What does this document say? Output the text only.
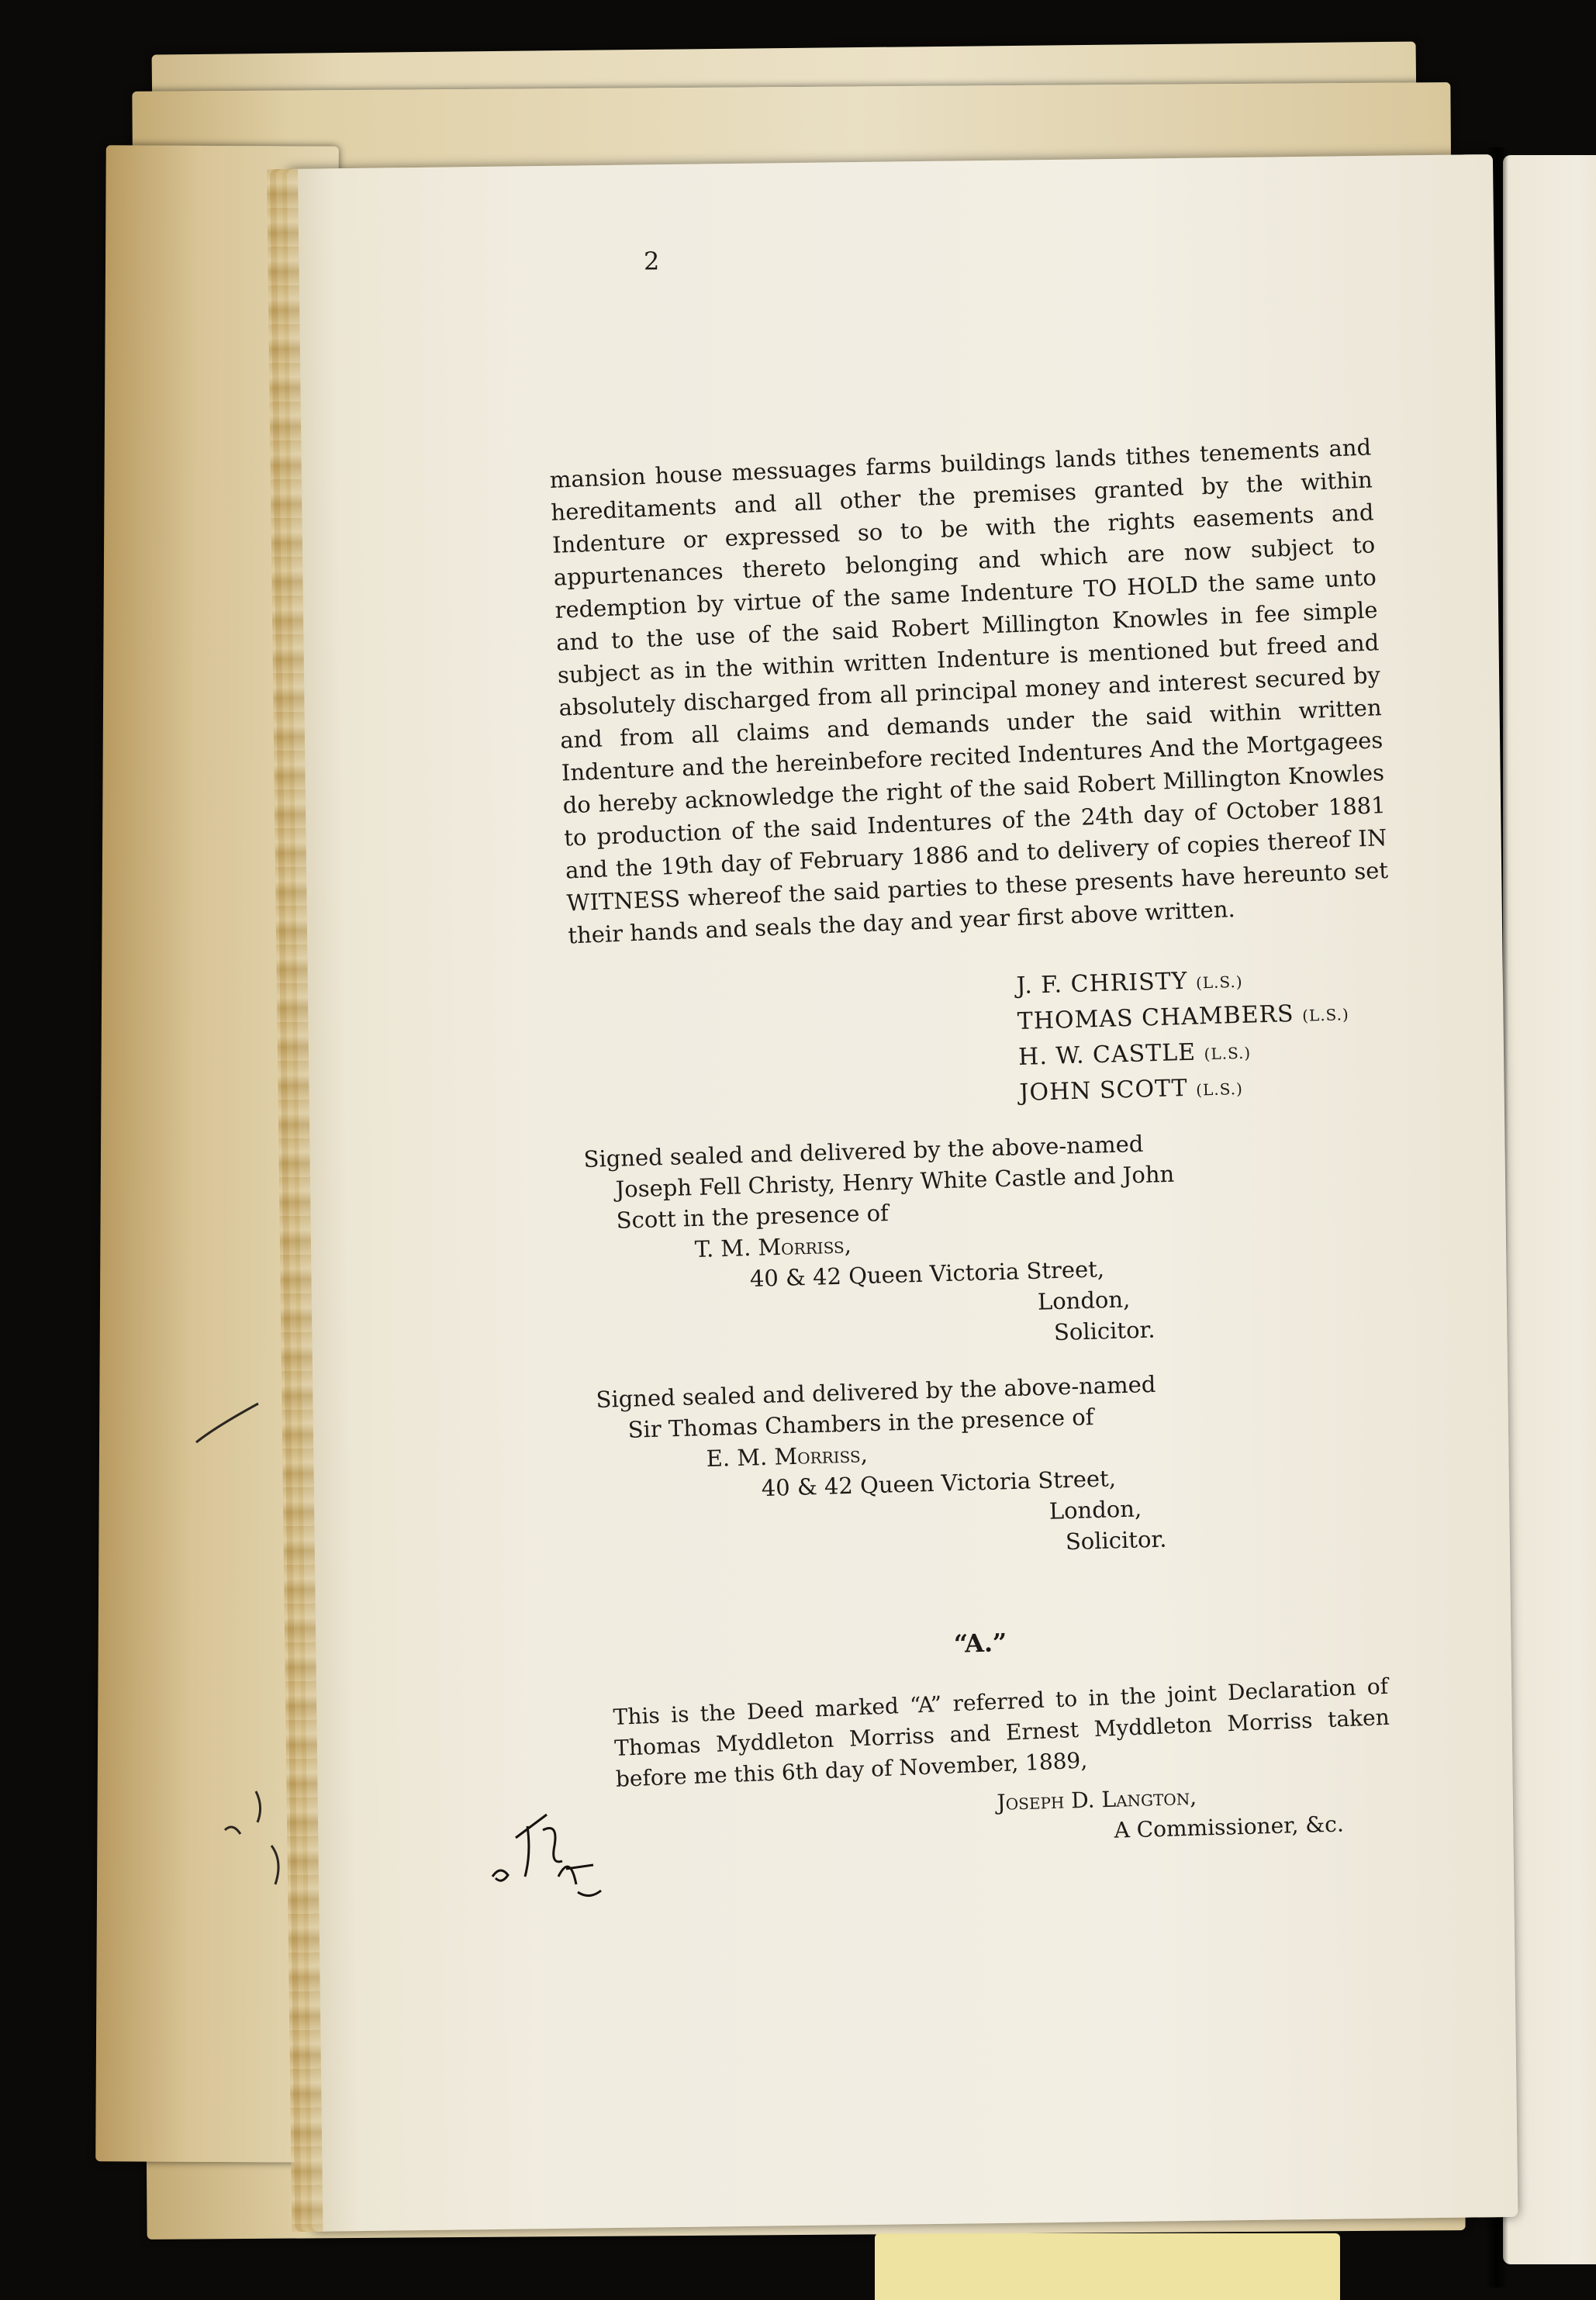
2

mansion house messuages farms buildings lands tithes tenements and hereditaments and all other the premises granted by the within Indenture or expressed so to be with the rights easements and appurtenances thereto belonging and which are now subject to redemption by virtue of the same Indenture TO HOLD the same unto and to the use of the said Robert Millington Knowles in fee simple subject as in the within written Indenture is mentioned but freed and absolutely discharged from all principal money and interest secured by and from all claims and demands under the said within written Indenture and the hereinbefore recited Indentures And the Mortgagees do hereby acknowledge the right of the said Robert Millington Knowles to production of the said Indentures of the 24th day of October 1881 and the 19th day of February 1886 and to delivery of copies thereof IN WITNESS whereof the said parties to these presents have hereunto set their hands and seals the day and year first above written.

J. F. CHRISTY (L.S.)
THOMAS CHAMBERS (L.S.)
H. W. CASTLE (L.S.)
JOHN SCOTT (L.S.)
Signed sealed and delivered by the above-named
Joseph Fell Christy, Henry White Castle and John
Scott in the presence of
T. M. Morriss,
40 & 42 Queen Victoria Street,
London,
Solicitor.
Signed sealed and delivered by the above-named
Sir Thomas Chambers in the presence of
E. M. Morriss,
40 & 42 Queen Victoria Street,
London,
Solicitor.
“A.”

This is the Deed marked “A” referred to in the joint Declaration of Thomas Myddleton Morriss and Ernest Myddleton Morriss taken before me this 6th day of November, 1889,

Joseph D. Langton,
A Commissioner, &c.
